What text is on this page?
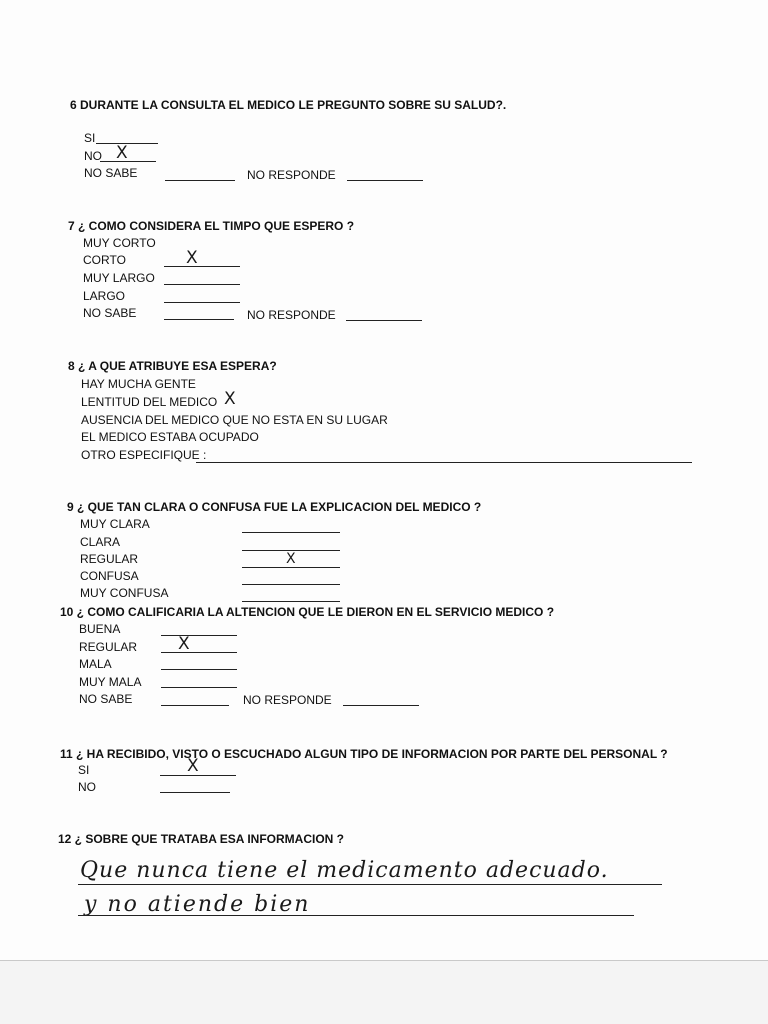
6 DURANTE LA CONSULTA EL MEDICO LE PREGUNTO SOBRE SU SALUD?.
SI
NO X
NO SABE	NO RESPONDE
7 ¿ COMO CONSIDERA EL TIMPO QUE ESPERO ?
MUY CORTO
CORTO	X
MUY LARGO
LARGO
NO SABE	NO RESPONDE
8 ¿ A QUE ATRIBUYE ESA ESPERA?
HAY MUCHA GENTE
LENTITUD DEL MEDICO X
AUSENCIA DEL MEDICO QUE NO ESTA EN SU LUGAR
EL MEDICO ESTABA OCUPADO
OTRO ESPECIFIQUE :
9 ¿ QUE TAN CLARA O CONFUSA FUE LA EXPLICACION DEL MEDICO ?
MUY CLARA
CLARA
REGULAR	X
CONFUSA
MUY CONFUSA
10 ¿ COMO CALIFICARIA LA ALTENCION QUE LE DIERON EN EL SERVICIO MEDICO ?
BUENA
REGULAR X
MALA
MUY MALA
NO SABE	NO RESPONDE
11 ¿ HA RECIBIDO, VISTO O ESCUCHADO ALGUN TIPO DE INFORMACION POR PARTE DEL PERSONAL ?
SI	X
NO
12 ¿ SOBRE QUE TRATABA ESA INFORMACION ?
Que nunca tiene el medicamento adecuado.
y no atiende bien
